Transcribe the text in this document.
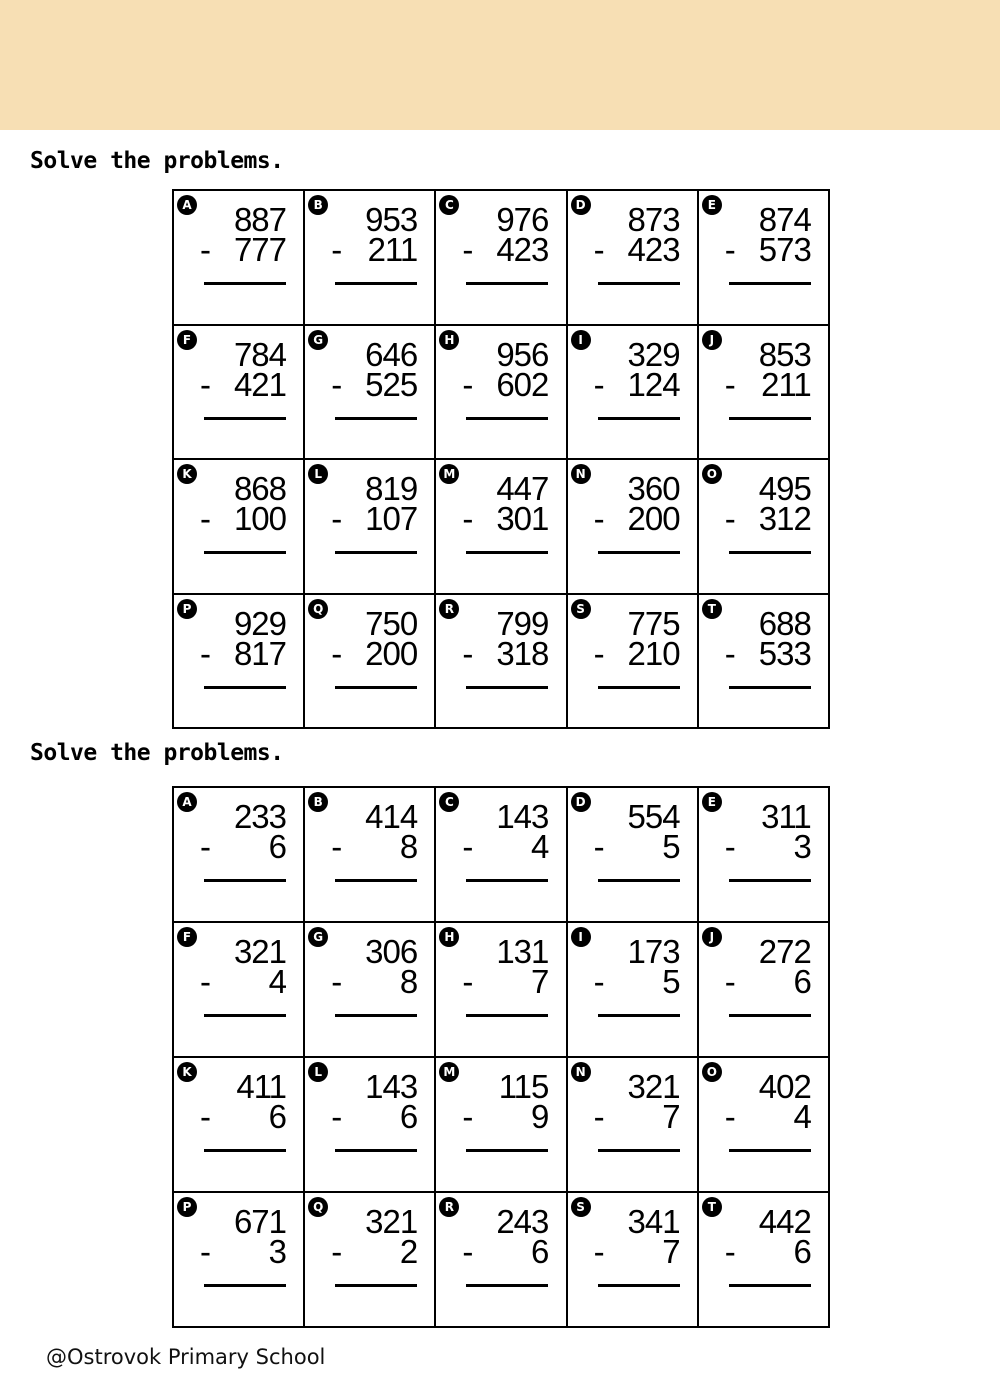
Solve the problems.
A 887
- 777
B 953
- 211
C 976
- 423
D 873
- 423
E 874
- 573
F 784
- 421
G 646
- 525
H 956
- 602
I 329
- 124
J 853
- 211
K 868
- 100
L 819
- 107
M 447
- 301
N 360
- 200
O 495
- 312
P 929
- 817
Q 750
- 200
R 799
- 318
S 775
- 210
T 688
- 533
Solve the problems.
A 233
- 6
B 414
- 8
C 143
- 4
D 554
- 5
E 311
- 3
F 321
- 4
G 306
- 8
H 131
- 7
I 173
- 5
J 272
- 6
K 411
- 6
L 143
- 6
M 115
- 9
N 321
- 7
O 402
- 4
P 671
- 3
Q 321
- 2
R 243
- 6
S 341
- 7
T 442
- 6
@Ostrovok Primary School
